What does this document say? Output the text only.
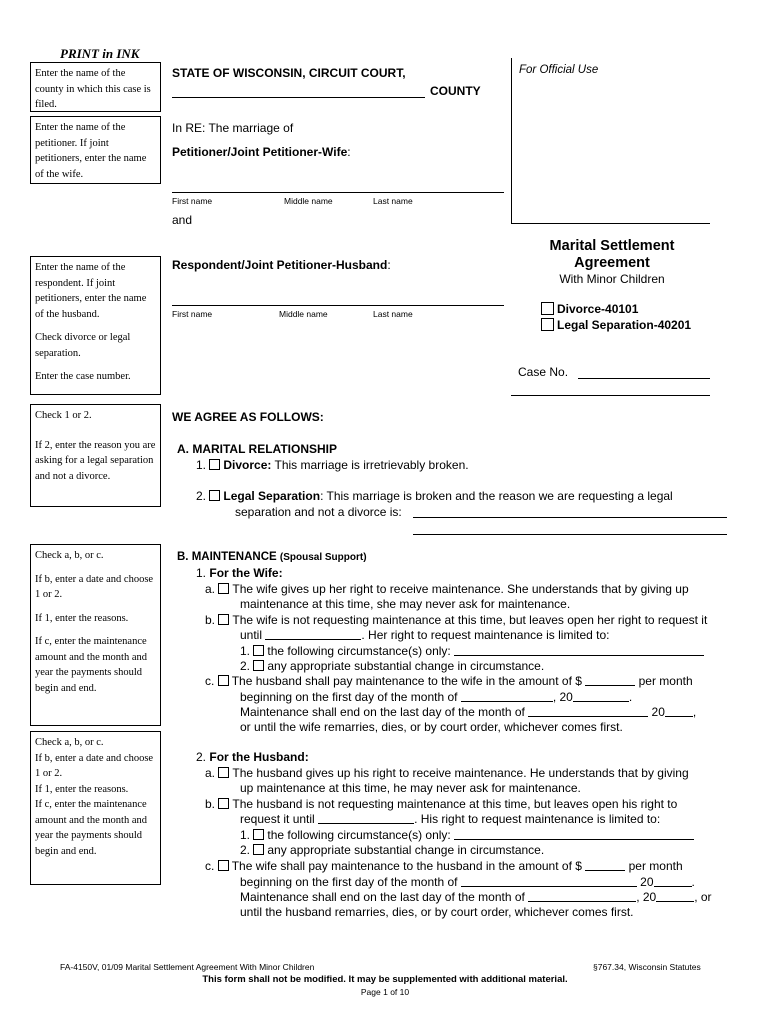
PRINT in INK

Enter the name of the county in which this case is filed.

Enter the name of the petitioner. If joint petitioners, enter the name of the wife.

Enter the name of the respondent. If joint petitioners, enter the name of the husband.

Check divorce or legal separation.

Enter the case number.

Check 1 or 2.

If 2, enter the reason you are asking for a legal separation and not a divorce.

Check a, b, or c.

If b, enter a date and choose 1 or 2.

If 1, enter the reasons.

If c, enter the maintenance amount and the month and year the payments should begin and end.

Check a, b, or c.

If b, enter a date and choose 1 or 2.

If 1, enter the reasons.

If c, enter the maintenance amount and the month and year the payments should begin and end.

STATE OF WISCONSIN, CIRCUIT COURT,
COUNTY
For Official Use
In RE: The marriage of
Petitioner/Joint Petitioner-Wife:
First name	Middle name	Last name
and
Respondent/Joint Petitioner-Husband:
First name	Middle name	Last name
Marital Settlement
Agreement
With Minor Children
Divorce-40101
Legal Separation-40201
Case No.
WE AGREE AS FOLLOWS:
A. MARITAL RELATIONSHIP
1. Divorce: This marriage is irretrievably broken.
2. Legal Separation: This marriage is broken and the reason we are requesting a legal
separation and not a divorce is:
B. MAINTENANCE (Spousal Support)
1. For the Wife:
a. The wife gives up her right to receive maintenance. She understands that by giving up
maintenance at this time, she may never ask for maintenance.
b. The wife is not requesting maintenance at this time, but leaves open her right to request it
until	. Her right to request maintenance is limited to:
1. the following circumstance(s) only:
2. any appropriate substantial change in circumstance.
c. The husband shall pay maintenance to the wife in the amount of $	per month
beginning on the first day of the month of	, 20	.
Maintenance shall end on the last day of the month of	20 ,
or until the wife remarries, dies, or by court order, whichever comes first.
2. For the Husband:
a. The husband gives up his right to receive maintenance. He understands that by giving
up maintenance at this time, he may never ask for maintenance.
b. The husband is not requesting maintenance at this time, but leaves open his right to
request it until	. His right to request maintenance is limited to:
1. the following circumstance(s) only:
2. any appropriate substantial change in circumstance.
c. The wife shall pay maintenance to the husband in the amount of $	per month
beginning on the first day of the month of	20	.
Maintenance shall end on the last day of the month of	, 20	, or
until the husband remarries, dies, or by court order, whichever comes first.
FA-4150V, 01/09 Marital Settlement Agreement With Minor Children	§767.34, Wisconsin Statutes
This form shall not be modified. It may be supplemented with additional material.
Page 1 of 10
